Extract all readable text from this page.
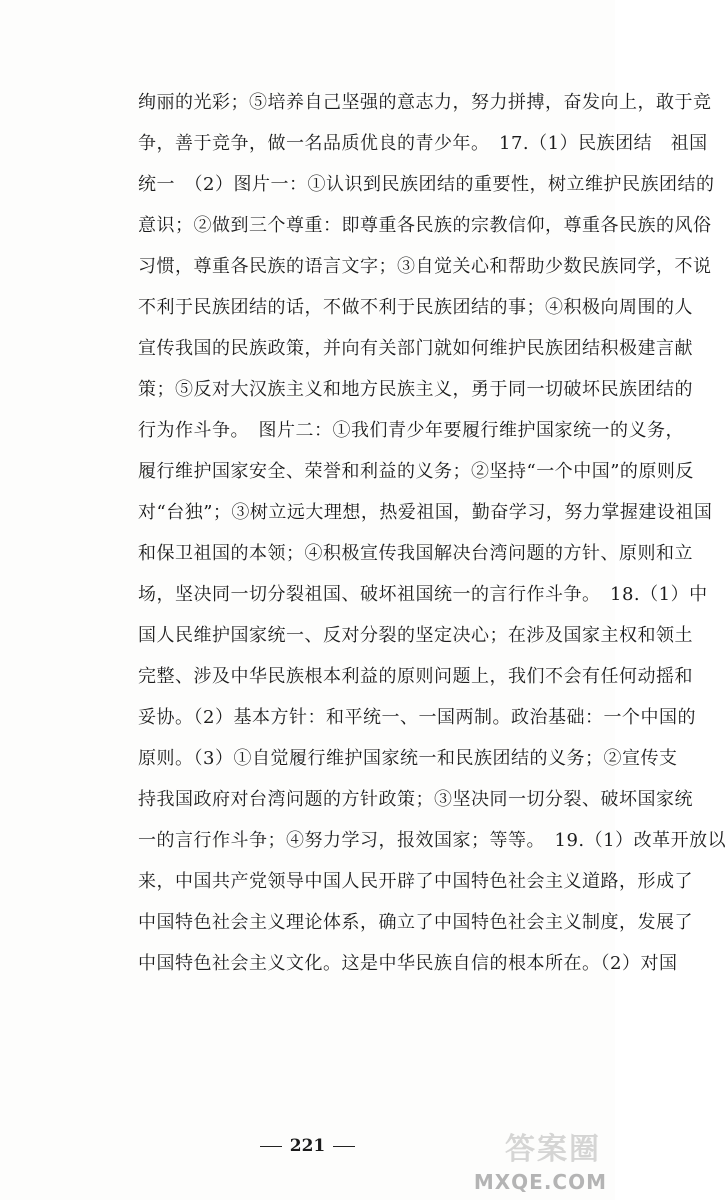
绚丽的光彩；⑤培养自己坚强的意志力，努力拼搏，奋发向上，敢于竞
争，善于竞争，做一名品质优良的青少年。　17.（1）民族团结　祖国
统一　（2）图片一：①认识到民族团结的重要性，树立维护民族团结的
意识；②做到三个尊重：即尊重各民族的宗教信仰，尊重各民族的风俗
习惯，尊重各民族的语言文字；③自觉关心和帮助少数民族同学，不说
不利于民族团结的话，不做不利于民族团结的事；④积极向周围的人
宣传我国的民族政策，并向有关部门就如何维护民族团结积极建言献
策；⑤反对大汉族主义和地方民族主义，勇于同一切破坏民族团结的
行为作斗争。　图片二：①我们青少年要履行维护国家统一的义务，
履行维护国家安全、荣誉和利益的义务；②坚持“一个中国”的原则反
对“台独”；③树立远大理想，热爱祖国，勤奋学习，努力掌握建设祖国
和保卫祖国的本领；④积极宣传我国解决台湾问题的方针、原则和立
场，坚决同一切分裂祖国、破坏祖国统一的言行作斗争。　18.（1）中
国人民维护国家统一、反对分裂的坚定决心；在涉及国家主权和领土
完整、涉及中华民族根本利益的原则问题上，我们不会有任何动摇和
妥协。（2）基本方针：和平统一、一国两制。政治基础：一个中国的
原则。（3）①自觉履行维护国家统一和民族团结的义务；②宣传支
持我国政府对台湾问题的方针政策；③坚决同一切分裂、破坏国家统
一的言行作斗争；④努力学习，报效国家；等等。　19.（1）改革开放以
来，中国共产党领导中国人民开辟了中国特色社会主义道路，形成了
中国特色社会主义理论体系，确立了中国特色社会主义制度，发展了
中国特色社会主义文化。这是中华民族自信的根本所在。（2）对国
221	答案圈
MXQE.COM
